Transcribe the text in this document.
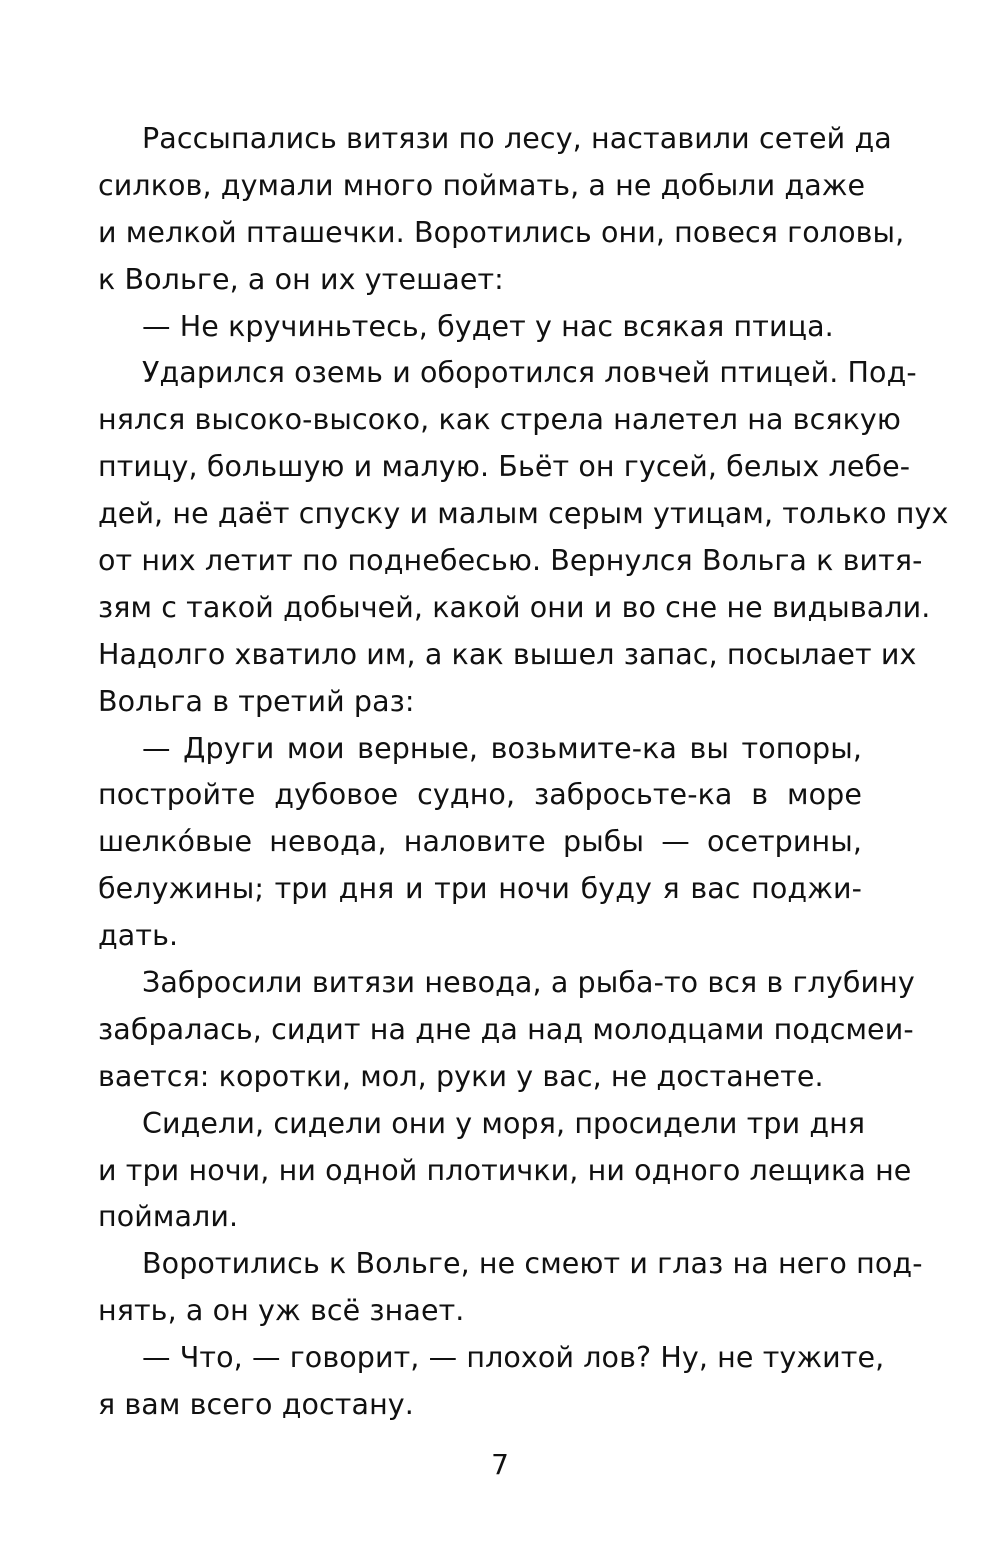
Рассыпались витязи по лесу, наставили сетей да
силков, думали много поймать, а не добыли даже
и мелкой пташечки. Воротились они, повеся головы,
к Вольге, а он их утешает:
— Не кручиньтесь, будет у нас всякая птица.
Ударился оземь и оборотился ловчей птицей. Под-
нялся высоко-высоко, как стрела налетел на всякую
птицу, большую и малую. Бьёт он гусей, белых лебе-
дей, не даёт спуску и малым серым утицам, только пух
от них летит по поднебесью. Вернулся Вольга к витя-
зям с такой добычей, какой они и во сне не видывали.
Надолго хватило им, а как вышел запас, посылает их
Вольга в третий раз:
— Други мои верные, возьмите-ка вы топоры,
постройте дубовое судно, забросьте-ка в море
шелко́вые невода, наловите рыбы — осетрины,
белужины; три дня и три ночи буду я вас поджи-
дать.
Забросили витязи невода, а рыба-то вся в глубину
забралась, сидит на дне да над молодцами подсмеи-
вается: коротки, мол, руки у вас, не достанете.
Сидели, сидели они у моря, просидели три дня
и три ночи, ни одной плотички, ни одного лещика не
поймали.
Воротились к Вольге, не смеют и глаз на него под-
нять, а он уж всё знает.
— Что, — говорит, — плохой лов? Ну, не тужите,
я вам всего достану.
7
